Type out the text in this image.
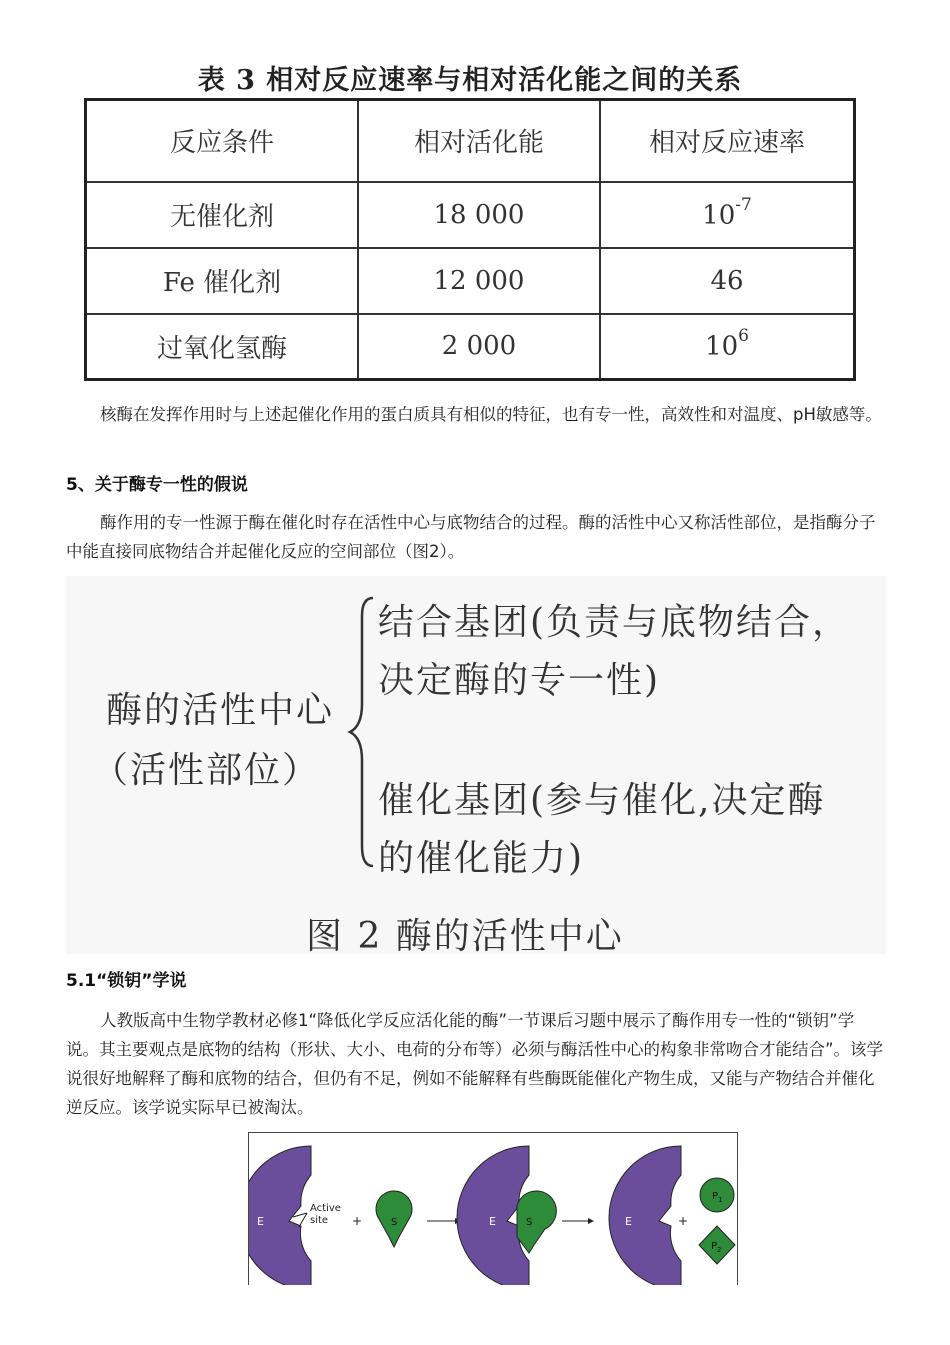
表 3 相对反应速率与相对活化能之间的关系
反应条件	相对活化能	相对反应速率
无催化剂	18 000	$10^{-7}$
Fe 催化剂	12 000	46
过氧化氢酶	2 000	$10^6$
核酶在发挥作用时与上述起催化作用的蛋白质具有相似的特征，也有专一性，高效性和对温度、pH敏感等。
5、关于酶专一性的假说
酶作用的专一性源于酶在催化时存在活性中心与底物结合的过程。酶的活性中心又称活性部位，是指酶分子中能直接同底物结合并起催化反应的空间部位（图2）。
酶的活性中心
（活性部位）
结合基团(负责与底物结合，
决定酶的专一性)
催化基团(参与催化,决定酶
的催化能力)
图 2 酶的活性中心
5.1“锁钥”学说
人教版高中生物学教材必修1“降低化学反应活化能的酶”一节课后习题中展示了酶作用专一性的“锁钥”学说。其主要观点是底物的结构（形状、大小、电荷的分布等）必须与酶活性中心的构象非常吻合才能结合”。该学说很好地解释了酶和底物的结合，但仍有不足，例如不能解释有些酶既能催化产物生成，又能与产物结合并催化逆反应。该学说实际早已被淘汰。
E
Active
site +	S	E	S	E	+
$P_1$
$P_2$
